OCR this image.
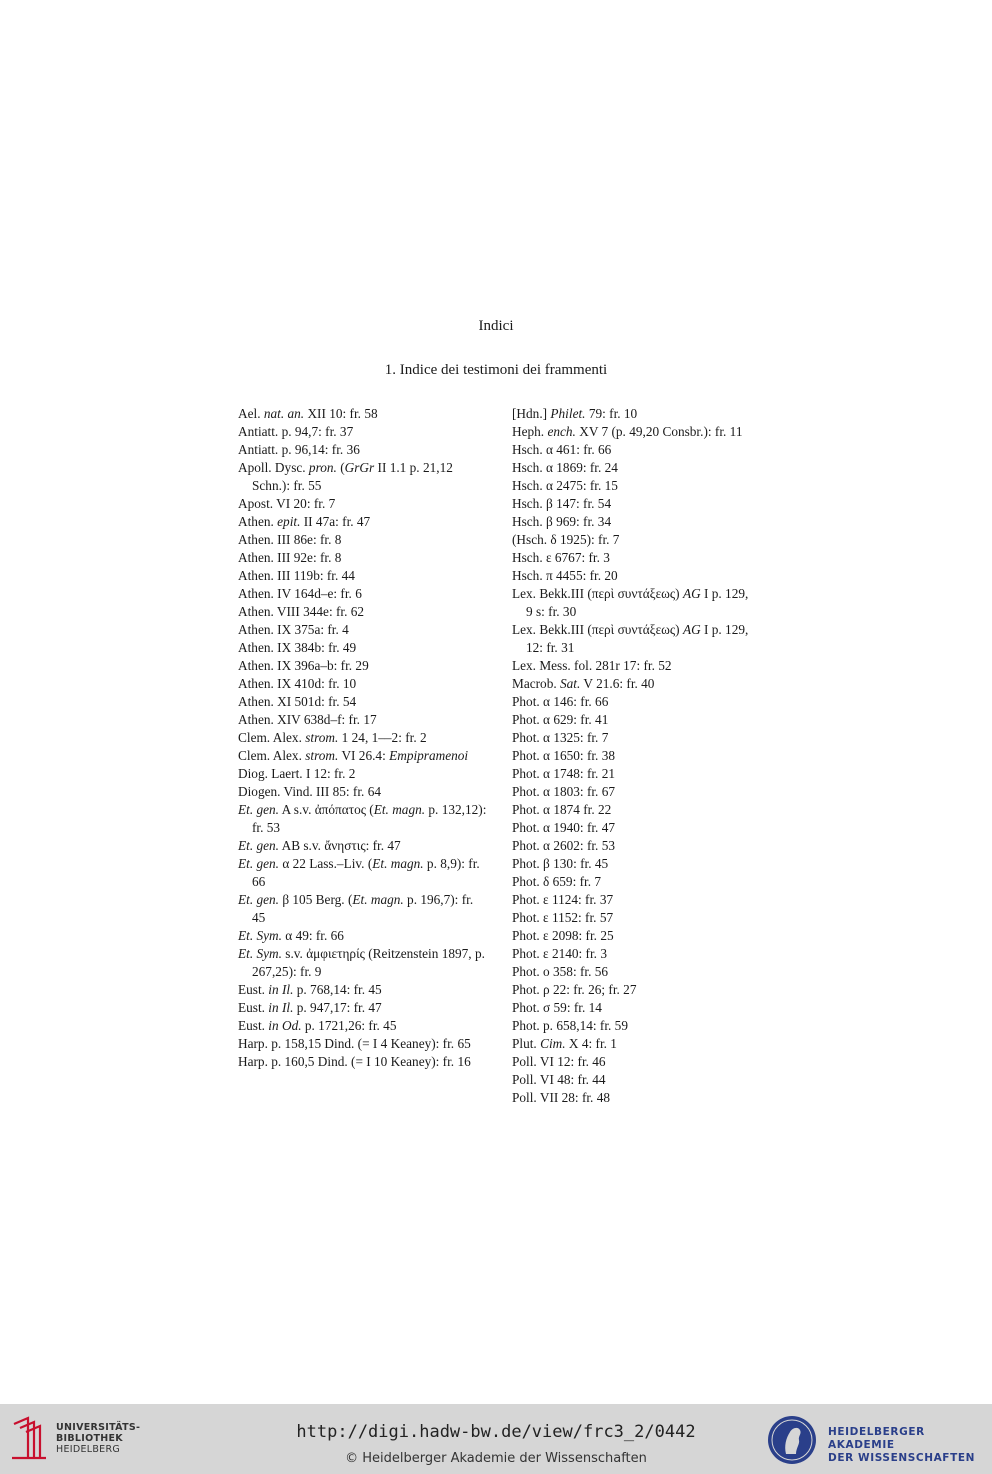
Indici
1. Indice dei testimoni dei frammenti
Ael. nat. an. XII 10: fr. 58
Antiatt. p. 94,7: fr. 37
Antiatt. p. 96,14: fr. 36
Apoll. Dysc. pron. (GrGr II 1.1 p. 21,12 Schn.): fr. 55
Apost. VI 20: fr. 7
Athen. epit. II 47a: fr. 47
Athen. III 86e: fr. 8
Athen. III 92e: fr. 8
Athen. III 119b: fr. 44
Athen. IV 164d–e: fr. 6
Athen. VIII 344e: fr. 62
Athen. IX 375a: fr. 4
Athen. IX 384b: fr. 49
Athen. IX 396a–b: fr. 29
Athen. IX 410d: fr. 10
Athen. XI 501d: fr. 54
Athen. XIV 638d–f: fr. 17
Clem. Alex. strom. 1 24, 1––2: fr. 2
Clem. Alex. strom. VI 26.4: Empipramenoi
Diog. Laert. I 12: fr. 2
Diogen. Vind. III 85: fr. 64
Et. gen. A s.v. ἀπόπατος (Et. magn. p. 132,12): fr. 53
Et. gen. AB s.v. ἄνηστις: fr. 47
Et. gen. α 22 Lass.–Liv. (Et. magn. p. 8,9): fr. 66
Et. gen. β 105 Berg. (Et. magn. p. 196,7): fr. 45
Et. Sym. α 49: fr. 66
Et. Sym. s.v. ἀμφιετηρίς (Reitzenstein 1897, p. 267,25): fr. 9
Eust. in Il. p. 768,14: fr. 45
Eust. in Il. p. 947,17: fr. 47
Eust. in Od. p. 1721,26: fr. 45
Harp. p. 158,15 Dind. (= I 4 Keaney): fr. 65
Harp. p. 160,5 Dind. (= I 10 Keaney): fr. 16
[Hdn.] Philet. 79: fr. 10
Heph. ench. XV 7 (p. 49,20 Consbr.): fr. 11
Hsch. α 461: fr. 66
Hsch. α 1869: fr. 24
Hsch. α 2475: fr. 15
Hsch. β 147: fr. 54
Hsch. β 969: fr. 34
(Hsch. δ 1925): fr. 7
Hsch. ε 6767: fr. 3
Hsch. π 4455: fr. 20
Lex. Bekk.III (περὶ συντάξεως) AG I p. 129, 9 s: fr. 30
Lex. Bekk.III (περὶ συντάξεως) AG I p. 129, 12: fr. 31
Lex. Mess. fol. 281r 17: fr. 52
Macrob. Sat. V 21.6: fr. 40
Phot. α 146: fr. 66
Phot. α 629: fr. 41
Phot. α 1325: fr. 7
Phot. α 1650: fr. 38
Phot. α 1748: fr. 21
Phot. α 1803: fr. 67
Phot. α 1874 fr. 22
Phot. α 1940: fr. 47
Phot. α 2602: fr. 53
Phot. β 130: fr. 45
Phot. δ 659: fr. 7
Phot. ε 1124: fr. 37
Phot. ε 1152: fr. 57
Phot. ε 2098: fr. 25
Phot. ε 2140: fr. 3
Phot. ο 358: fr. 56
Phot. ρ 22: fr. 26; fr. 27
Phot. σ 59: fr. 14
Phot. p. 658,14: fr. 59
Plut. Cim. X 4: fr. 1
Poll. VI 12: fr. 46
Poll. VI 48: fr. 44
Poll. VII 28: fr. 48
UNIVERSITÄTS-
BIBLIOTHEK
HEIDELBERG
http://digi.hadw-bw.de/view/frc3_2/0442
© Heidelberger Akademie der Wissenschaften
HEIDELBERGER AKADEMIE
DER WISSENSCHAFTEN
